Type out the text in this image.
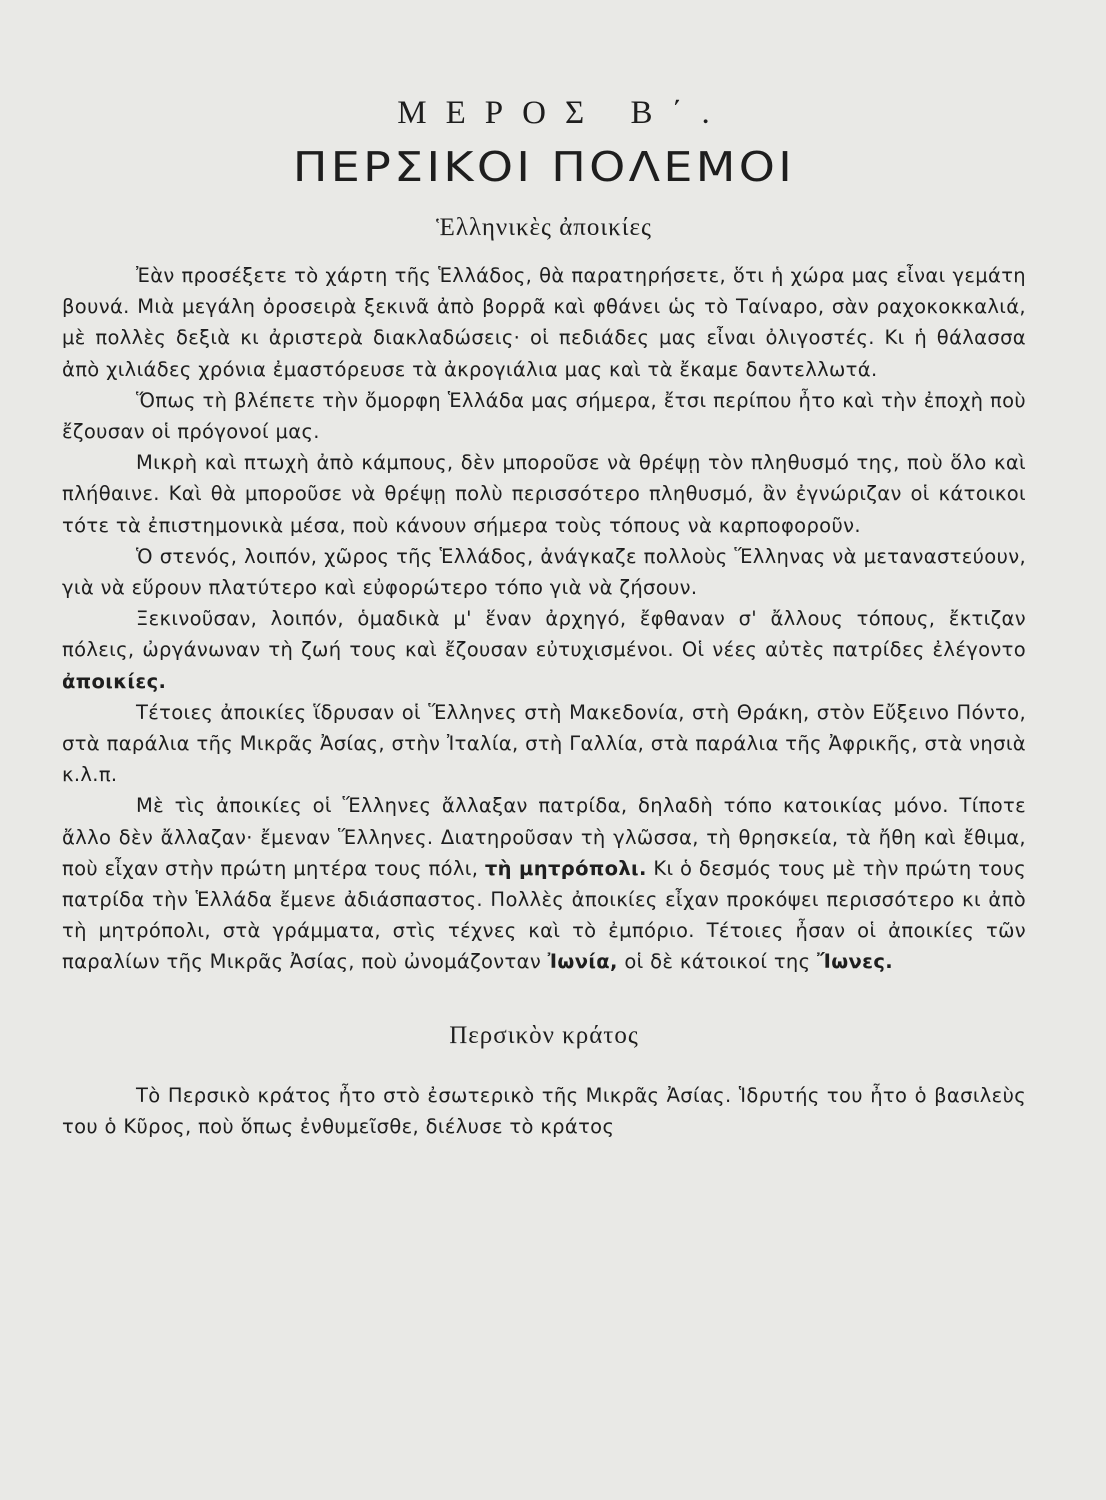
ΜΕΡΟΣ Β΄.
ΠΕΡΣΙΚΟΙ ΠΟΛΕΜΟΙ
Ἑλληνικὲς ἀποικίες

Ἐὰν προσέξετε τὸ χάρτη τῆς Ἑλλάδος, θὰ παρατηρήσετε, ὅτι ἡ χώρα μας εἶναι γεμάτη βουνά. Μιὰ μεγάλη ὀροσειρὰ ξεκινᾶ ἀπὸ βορρᾶ καὶ φθάνει ὡς τὸ Ταίναρο, σὰν ραχοκοκκαλιά, μὲ πολλὲς δεξιὰ κι ἀριστερὰ διακλαδώσεις· οἱ πεδιάδες μας εἶναι ὀλιγοστές. Κι ἡ θάλασσα ἀπὸ χιλιάδες χρόνια ἐμαστόρευσε τὰ ἀκρογιάλια μας καὶ τὰ ἔκαμε δαντελλωτά.

Ὅπως τὴ βλέπετε τὴν ὄμορφη Ἑλλάδα μας σήμερα, ἔτσι περίπου ἦτο καὶ τὴν ἐποχὴ ποὺ ἔζουσαν οἱ πρόγονοί μας.

Μικρὴ καὶ πτωχὴ ἀπὸ κάμπους, δὲν μποροῦσε νὰ θρέψῃ τὸν πληθυσμό της, ποὺ ὅλο καὶ πλήθαινε. Καὶ θὰ μποροῦσε νὰ θρέψῃ πολὺ περισσότερο πληθυσμό, ἂν ἐγνώριζαν οἱ κάτοικοι τότε τὰ ἐπιστημονικὰ μέσα, ποὺ κάνουν σήμερα τοὺς τόπους νὰ καρποφοροῦν.

Ὁ στενός, λοιπόν, χῶρος τῆς Ἑλλάδος, ἀνάγκαζε πολλοὺς Ἕλληνας νὰ μεταναστεύουν, γιὰ νὰ εὕρουν πλατύτερο καὶ εὐφορώτερο τόπο γιὰ νὰ ζήσουν.

Ξεκινοῦσαν, λοιπόν, ὁμαδικὰ μ' ἕναν ἀρχηγό, ἔφθαναν σ' ἄλλους τόπους, ἔκτιζαν πόλεις, ὠργάνωναν τὴ ζωή τους καὶ ἔζουσαν εὐτυχισμένοι. Οἱ νέες αὐτὲς πατρίδες ἐλέγοντο ἀποικίες.

Τέτοιες ἀποικίες ἵδρυσαν οἱ Ἕλληνες στὴ Μακεδονία, στὴ Θράκη, στὸν Εὔξεινο Πόντο, στὰ παράλια τῆς Μικρᾶς Ἀσίας, στὴν Ἰταλία, στὴ Γαλλία, στὰ παράλια τῆς Ἀφρικῆς, στὰ νησιὰ κ.λ.π.

Μὲ τὶς ἀποικίες οἱ Ἕλληνες ἄλλαξαν πατρίδα, δηλαδὴ τόπο κατοικίας μόνο. Τίποτε ἄλλο δὲν ἄλλαζαν· ἔμεναν Ἕλληνες. Διατηροῦσαν τὴ γλῶσσα, τὴ θρησκεία, τὰ ἤθη καὶ ἔθιμα, ποὺ εἶχαν στὴν πρώτη μητέρα τους πόλι, τὴ μητρόπολι. Κι ὁ δεσμός τους μὲ τὴν πρώτη τους πατρίδα τὴν Ἑλλάδα ἔμενε ἀδιάσπαστος. Πολλὲς ἀποικίες εἶχαν προκόψει περισσότερο κι ἀπὸ τὴ μητρόπολι, στὰ γράμματα, στὶς τέχνες καὶ τὸ ἐμπόριο. Τέτοιες ἦσαν οἱ ἀποικίες τῶν παραλίων τῆς Μικρᾶς Ἀσίας, ποὺ ὠνομάζονταν Ἰωνία, οἱ δὲ κάτοικοί της Ἴωνες.

Περσικὸν κράτος

Τὸ Περσικὸ κράτος ἦτο στὸ ἐσωτερικὸ τῆς Μικρᾶς Ἀσίας. Ἱδρυτής του ἦτο ὁ βασιλεὺς του ὁ Κῦρος, ποὺ ὅπως ἐνθυμεῖσθε, διέλυσε τὸ κράτος
